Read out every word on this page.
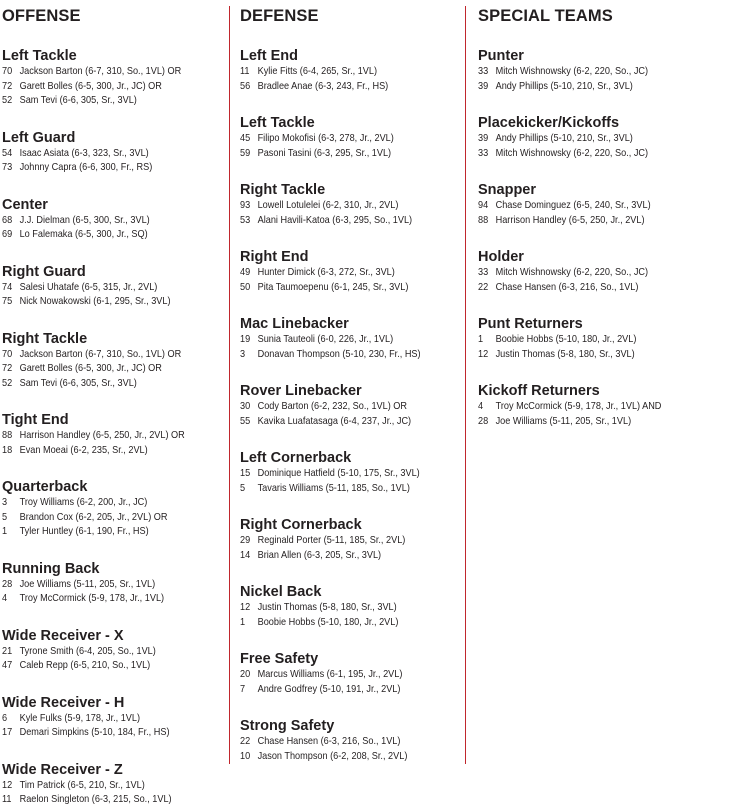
OFFENSE
Left Tackle
70 Jackson Barton (6-7, 310, So., 1VL) OR
72 Garett Bolles (6-5, 300, Jr., JC) OR
52 Sam Tevi (6-6, 305, Sr., 3VL)
Left Guard
54 Isaac Asiata (6-3, 323, Sr., 3VL)
73 Johnny Capra (6-6, 300, Fr., RS)
Center
68 J.J. Dielman (6-5, 300, Sr., 3VL)
69 Lo Falemaka (6-5, 300, Jr., SQ)
Right Guard
74 Salesi Uhatafe (6-5, 315, Jr., 2VL)
75 Nick Nowakowski (6-1, 295, Sr., 3VL)
Right Tackle
70 Jackson Barton (6-7, 310, So., 1VL) OR
72 Garett Bolles (6-5, 300, Jr., JC) OR
52 Sam Tevi (6-6, 305, Sr., 3VL)
Tight End
88 Harrison Handley (6-5, 250, Jr., 2VL) OR
18 Evan Moeai (6-2, 235, Sr., 2VL)
Quarterback
3 Troy Williams (6-2, 200, Jr., JC)
5 Brandon Cox (6-2, 205, Jr., 2VL) OR
1 Tyler Huntley (6-1, 190, Fr., HS)
Running Back
28 Joe Williams (5-11, 205, Sr., 1VL)
4 Troy McCormick (5-9, 178, Jr., 1VL)
Wide Receiver - X
21 Tyrone Smith (6-4, 205, So., 1VL)
47 Caleb Repp (6-5, 210, So., 1VL)
Wide Receiver - H
6 Kyle Fulks (5-9, 178, Jr., 1VL)
17 Demari Simpkins (5-10, 184, Fr., HS)
Wide Receiver - Z
12 Tim Patrick (6-5, 210, Sr., 1VL)
11 Raelon Singleton (6-3, 215, So., 1VL)
DEFENSE
Left End
11 Kylie Fitts (6-4, 265, Sr., 1VL)
56 Bradlee Anae (6-3, 243, Fr., HS)
Left Tackle
45 Filipo Mokofisi (6-3, 278, Jr., 2VL)
59 Pasoni Tasini (6-3, 295, Sr., 1VL)
Right Tackle
93 Lowell Lotulelei (6-2, 310, Jr., 2VL)
53 Alani Havili-Katoa (6-3, 295, So., 1VL)
Right End
49 Hunter Dimick (6-3, 272, Sr., 3VL)
50 Pita Taumoepenu (6-1, 245, Sr., 3VL)
Mac Linebacker
19 Sunia Tauteoli (6-0, 226, Jr., 1VL)
3 Donavan Thompson (5-10, 230, Fr., HS)
Rover Linebacker
30 Cody Barton (6-2, 232, So., 1VL) OR
55 Kavika Luafatasaga (6-4, 237, Jr., JC)
Left Cornerback
15 Dominique Hatfield (5-10, 175, Sr., 3VL)
5 Tavaris Williams (5-11, 185, So., 1VL)
Right Cornerback
29 Reginald Porter (5-11, 185, Sr., 2VL)
14 Brian Allen (6-3, 205, Sr., 3VL)
Nickel Back
12 Justin Thomas (5-8, 180, Sr., 3VL)
1 Boobie Hobbs (5-10, 180, Jr., 2VL)
Free Safety
20 Marcus Williams (6-1, 195, Jr., 2VL)
7 Andre Godfrey (5-10, 191, Jr., 2VL)
Strong Safety
22 Chase Hansen (6-3, 216, So., 1VL)
10 Jason Thompson (6-2, 208, Sr., 2VL)
SPECIAL TEAMS
Punter
33 Mitch Wishnowsky (6-2, 220, So., JC)
39 Andy Phillips (5-10, 210, Sr., 3VL)
Placekicker/Kickoffs
39 Andy Phillips (5-10, 210, Sr., 3VL)
33 Mitch Wishnowsky (6-2, 220, So., JC)
Snapper
94 Chase Dominguez (6-5, 240, Sr., 3VL)
88 Harrison Handley (6-5, 250, Jr., 2VL)
Holder
33 Mitch Wishnowsky (6-2, 220, So., JC)
22 Chase Hansen (6-3, 216, So., 1VL)
Punt Returners
1 Boobie Hobbs (5-10, 180, Jr., 2VL)
12 Justin Thomas (5-8, 180, Sr., 3VL)
Kickoff Returners
4 Troy McCormick (5-9, 178, Jr., 1VL) AND
28 Joe Williams (5-11, 205, Sr., 1VL)
